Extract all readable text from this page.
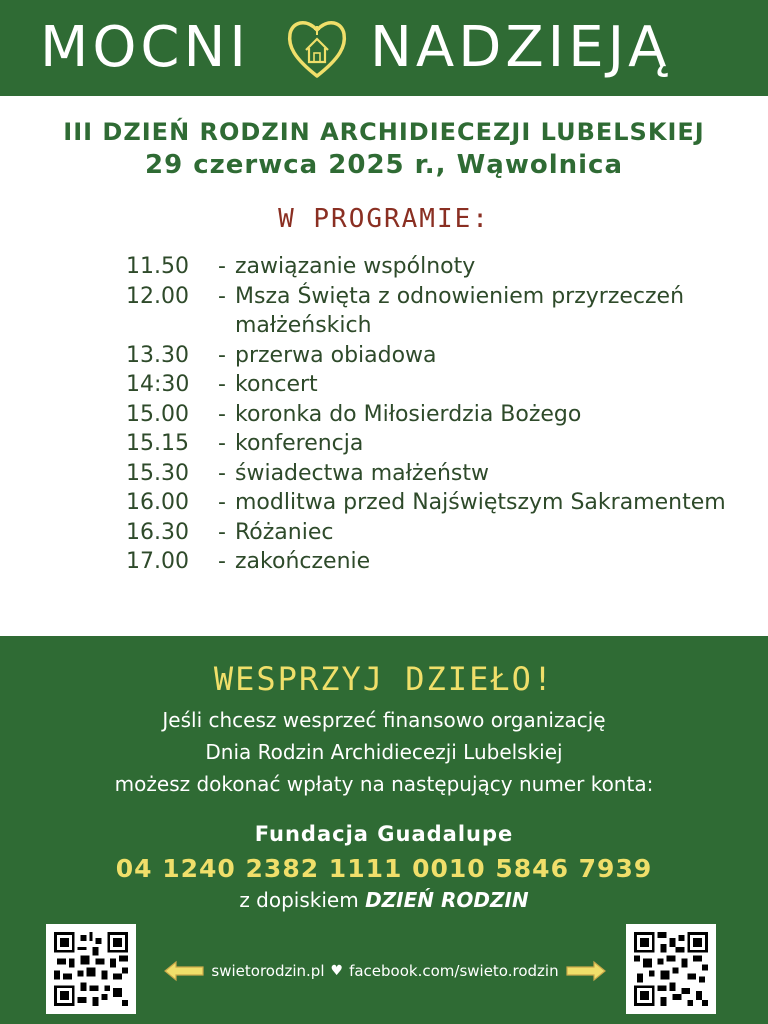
MOCNI NADZIEJĄ
III DZIEŃ RODZIN ARCHIDIECEZJI LUBELSKIEJ
29 czerwca 2025 r., Wąwolnica
W PROGRAMIE:
11.50	- zawiązanie wspólnoty
12.00	- Msza Święta z odnowieniem przyrzeczeń małżeńskich
13.30	- przerwa obiadowa
14:30	- koncert
15.00	- koronka do Miłosierdzia Bożego
15.15	- konferencja
15.30	- świadectwa małżeństw
16.00	- modlitwa przed Najświętszym Sakramentem
16.30	- Różaniec
17.00	- zakończenie
WESPRZYJ DZIEŁO!
Jeśli chcesz wesprzeć finansowo organizację
Dnia Rodzin Archidiecezji Lubelskiej
możesz dokonać wpłaty na następujący numer konta:
Fundacja Guadalupe
04 1240 2382 1111 0010 5846 7939
z dopiskiem DZIEŃ RODZIN
swietorodzin.pl ♥ facebook.com/swieto.rodzin
